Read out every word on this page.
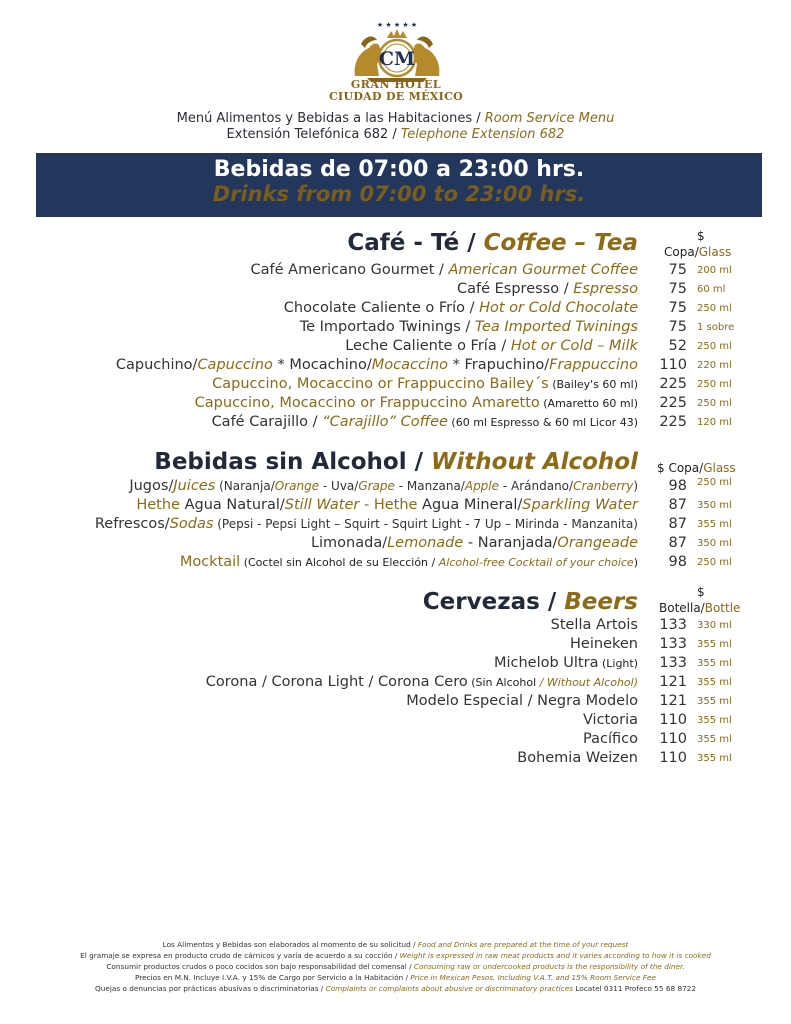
★ ★ ★ ★ ★
CM
GRAN HOTEL
CIUDAD DE MÉXICO
Menú Alimentos y Bebidas a las Habitaciones / Room Service Menu
Extensión Telefónica 682 / Telephone Extension 682
Bebidas de 07:00 a 23:00 hrs.
Drinks from 07:00 to 23:00 hrs.
Café - Té / Coffee – Tea	$
Copa/Glass
Café Americano Gourmet / American Gourmet Coffee 75 200 ml
Café Espresso / Espresso 75 60 ml
Chocolate Caliente o Frío / Hot or Cold Chocolate 75 250 ml
Te Importado Twinings / Tea Imported Twinings 75 1 sobre
Leche Caliente o Fría / Hot or Cold – Milk 52 250 ml
Capuchino/Capuccino * Mocachino/Mocaccino * Frapuchino/Frappuccino 110 220 ml
Capuccino, Mocaccino or Frappuccino Bailey´s (Bailey's 60 ml) 225 250 ml
Capuccino, Mocaccino or Frappuccino Amaretto (Amaretto 60 ml) 225 250 ml
Café Carajillo / “Carajillo” Coffee (60 ml Espresso & 60 ml Licor 43) 225 120 ml
Bebidas sin Alcohol / Without Alcohol $ Copa/Glass
Jugos/Juices (Naranja/Orange - Uva/Grape - Manzana/Apple - Arándano/Cranberry) 98 250 ml
Hethe Agua Natural/Still Water - Hethe Agua Mineral/Sparkling Water 87 350 ml
Refrescos/Sodas (Pepsi - Pepsi Light – Squirt - Squirt Light - 7 Up – Mirinda - Manzanita) 87 355 ml
Limonada/Lemonade - Naranjada/Orangeade 87 350 ml
Mocktail (Coctel sin Alcohol de su Elección / Alcohol-free Cocktail of your choice) 98 250 ml
Cervezas / Beers	$
Botella/Bottle
Stella Artois 133 330 ml
Heineken 133 355 ml
Michelob Ultra (Light) 133 355 ml
Corona / Corona Light / Corona Cero (Sin Alcohol / Without Alcohol) 121 355 ml
Modelo Especial / Negra Modelo 121 355 ml
Victoria 110 355 ml
Pacífico 110 355 ml
Bohemia Weizen 110 355 ml
Los Alimentos y Bebidas son elaborados al momento de su solicitud / Food and Drinks are prepared at the time of your request
El gramaje se expresa en producto crudo de cárnicos y varía de acuerdo a su cocción / Weight is expressed in raw meat products and it varies according to how it is cooked
Consumir productos crudos o poco cocidos son bajo responsabilidad del comensal / Consuming raw or undercooked products is the responsibility of the diner.
Precios en M.N. Incluye I.V.A. y 15% de Cargo por Servicio a la Habitación / Price in Mexican Pesos. Including V.A.T. and 15% Room Service Fee
Quejas o denuncias por prácticas abusivas o discriminatorias / Complaints or complaints about abusive or discriminatory practices Locatel 0311 Profeco 55 68 8722
